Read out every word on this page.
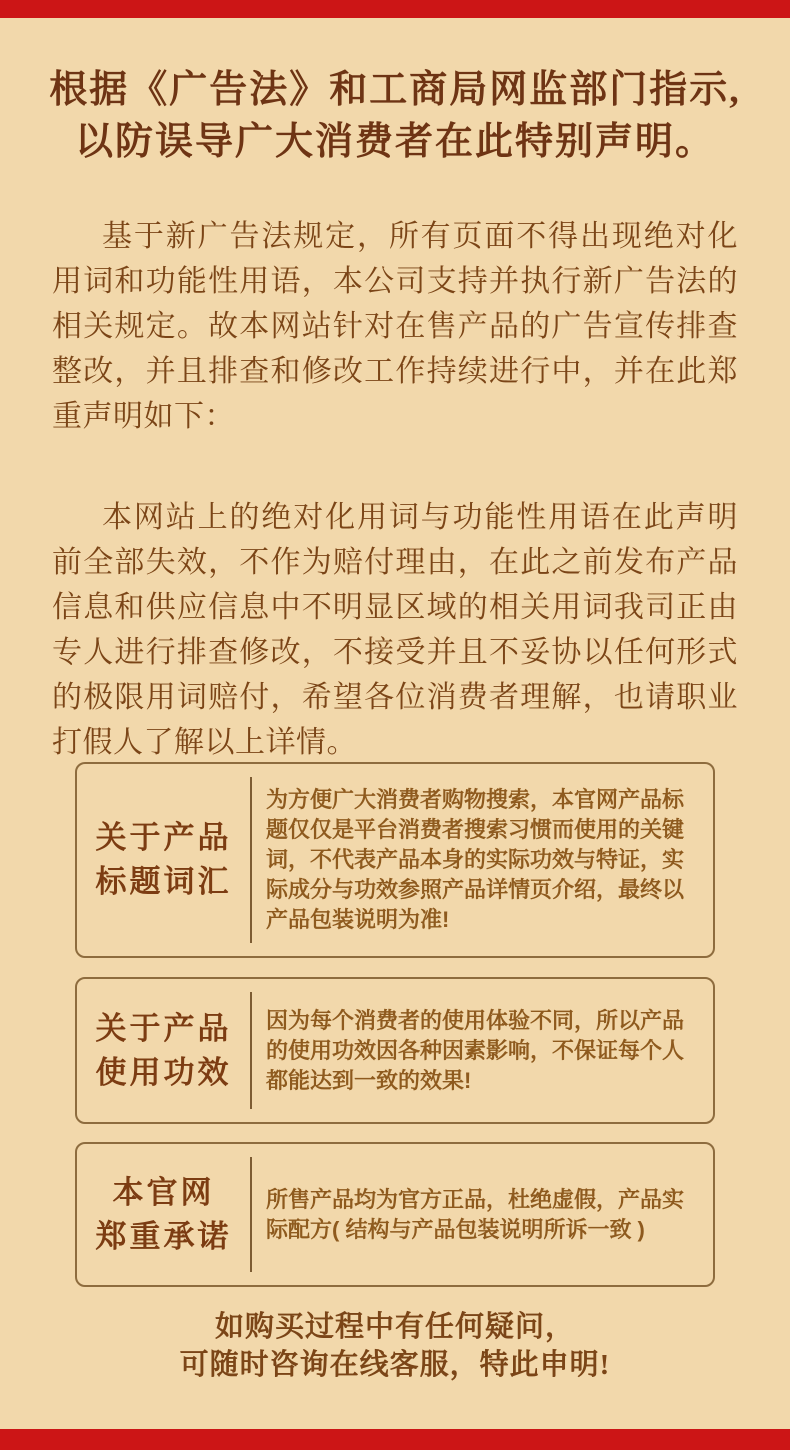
根据《广告法》和工商局网监部门指示,
以防误导广大消费者在此特别声明。
基于新广告法规定，所有页面不得出现绝对化用词和功能性用语，本公司支持并执行新广告法的相关规定。故本网站针对在售产品的广告宣传排查整改，并且排查和修改工作持续进行中，并在此郑重声明如下：
本网站上的绝对化用词与功能性用语在此声明前全部失效，不作为赔付理由，在此之前发布产品信息和供应信息中不明显区域的相关用词我司正由专人进行排查修改，不接受并且不妥协以任何形式的极限用词赔付，希望各位消费者理解，也请职业打假人了解以上详情。
关于产品
标题词汇
为方便广大消费者购物搜索，本官网产品标题仅仅是平台消费者搜索习惯而使用的关键词，不代表产品本身的实际功效与特证，实际成分与功效参照产品详情页介绍，最终以产品包装说明为准!
关于产品
使用功效
因为每个消费者的使用体验不同，所以产品的使用功效因各种因素影响，不保证每个人都能达到一致的效果!
本官网
郑重承诺
所售产品均为官方正品，杜绝虚假，产品实际配方( 结构与产品包装说明所诉一致 )
如购买过程中有任何疑问，
可随时咨询在线客服，特此申明!
